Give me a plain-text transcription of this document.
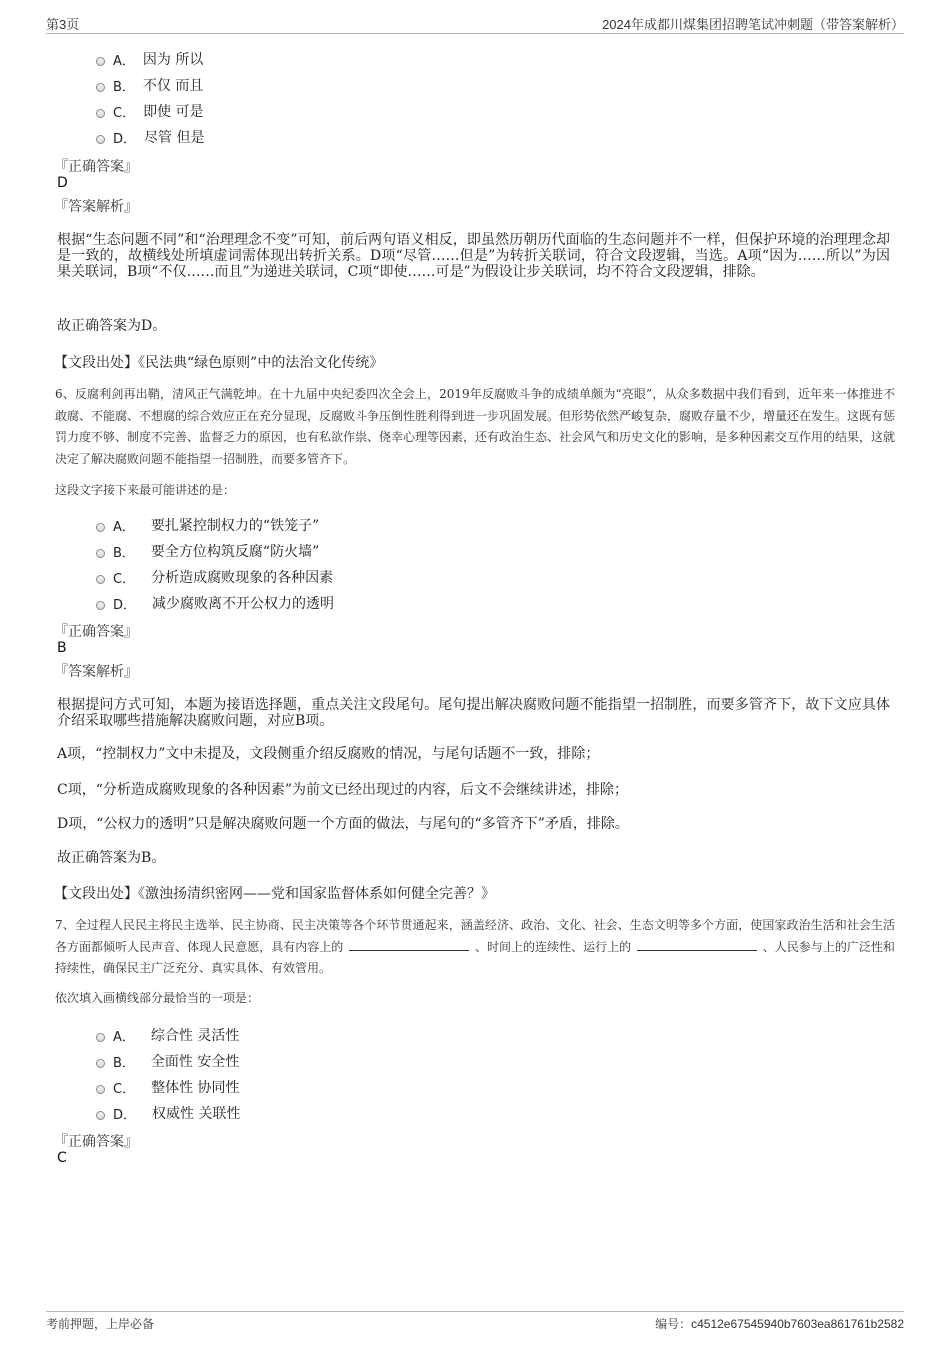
第3页	2024年成都川煤集团招聘笔试冲刺题（带答案解析）
A． 因为 所以
B． 不仅 而且
C． 即使 可是
D． 尽管 但是
『正确答案』
D
『答案解析』
根据“生态问题不同”和“治理理念不变”可知，前后两句语义相反，即虽然历朝历代面临的生态问题并不一样，但保护环境的治理理念却是一致的，故横线处所填虚词需体现出转折关系。D项“尽管……但是”为转折关联词，符合文段逻辑，当选。A项“因为……所以”为因果关联词，B项“不仅……而且”为递进关联词，C项“即使……可是”为假设让步关联词，均不符合文段逻辑，排除。
故正确答案为D。
【文段出处】《民法典“绿色原则”中的法治文化传统》
6、反腐利剑再出鞘，清风正气满乾坤。在十九届中央纪委四次全会上，2019年反腐败斗争的成绩单颇为“亮眼”，从众多数据中我们看到，近年来一体推进不敢腐、不能腐、不想腐的综合效应正在充分显现，反腐败斗争压倒性胜利得到进一步巩固发展。但形势依然严峻复杂，腐败存量不少，增量还在发生。这既有惩罚力度不够、制度不完善、监督乏力的原因，也有私欲作祟、侥幸心理等因素，还有政治生态、社会风气和历史文化的影响，是多种因素交互作用的结果，这就决定了解决腐败问题不能指望一招制胜，而要多管齐下。
这段文字接下来最可能讲述的是：
A． 要扎紧控制权力的“铁笼子”
B． 要全方位构筑反腐“防火墙”
C． 分析造成腐败现象的各种因素
D． 减少腐败离不开公权力的透明
『正确答案』
B
『答案解析』
根据提问方式可知，本题为接语选择题，重点关注文段尾句。尾句提出解决腐败问题不能指望一招制胜，而要多管齐下，故下文应具体介绍采取哪些措施解决腐败问题，对应B项。
A项，“控制权力”文中未提及，文段侧重介绍反腐败的情况，与尾句话题不一致，排除；
C项，“分析造成腐败现象的各种因素”为前文已经出现过的内容，后文不会继续讲述，排除；
D项，“公权力的透明”只是解决腐败问题一个方面的做法，与尾句的“多管齐下”矛盾，排除。
故正确答案为B。
【文段出处】《激浊扬清织密网——党和国家监督体系如何健全完善？》
7、全过程人民民主将民主选举、民主协商、民主决策等各个环节贯通起来，涵盖经济、政治、文化、社会、生态文明等多个方面，使国家政治生活和社会生活各方面都倾听人民声音、体现人民意愿，具有内容上的	、时间上的连续性、运行上的	、人民参与上的广泛性和持续性，确保民主广泛充分、真实具体、有效管用。
依次填入画横线部分最恰当的一项是：
A． 综合性 灵活性
B． 全面性 安全性
C． 整体性 协同性
D． 权威性 关联性
『正确答案』
C
考前押题，上岸必备	编号：c4512e67545940b7603ea861761b2582
